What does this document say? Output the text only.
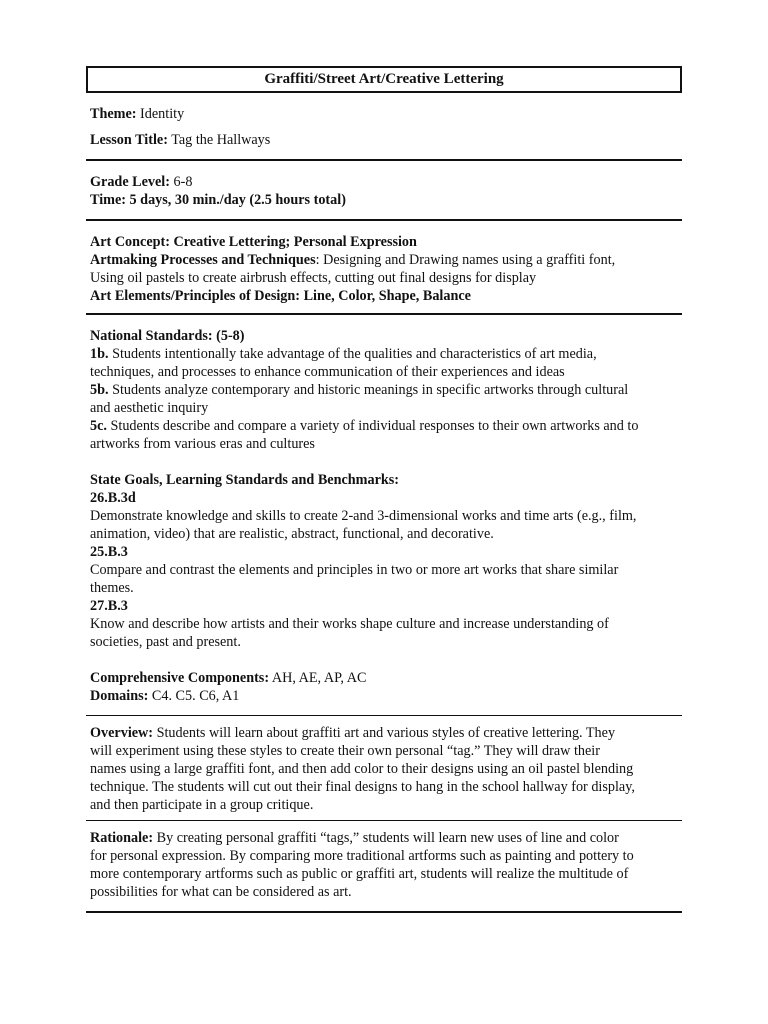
Graffiti/Street Art/Creative Lettering
Theme: Identity
Lesson Title: Tag the Hallways
Grade Level: 6-8
Time: 5 days, 30 min./day (2.5 hours total)
Art Concept: Creative Lettering; Personal Expression
Artmaking Processes and Techniques: Designing and Drawing names using a graffiti font,
Using oil pastels to create airbrush effects, cutting out final designs for display
Art Elements/Principles of Design: Line, Color, Shape, Balance
National Standards: (5-8)
1b. Students intentionally take advantage of the qualities and characteristics of art media,
techniques, and processes to enhance communication of their experiences and ideas
5b. Students analyze contemporary and historic meanings in specific artworks through cultural
and aesthetic inquiry
5c. Students describe and compare a variety of individual responses to their own artworks and to
artworks from various eras and cultures
State Goals, Learning Standards and Benchmarks:
26.B.3d
Demonstrate knowledge and skills to create 2-and 3-dimensional works and time arts (e.g., film,
animation, video) that are realistic, abstract, functional, and decorative.
25.B.3
Compare and contrast the elements and principles in two or more art works that share similar
themes.
27.B.3
Know and describe how artists and their works shape culture and increase understanding of
societies, past and present.
Comprehensive Components: AH, AE, AP, AC
Domains: C4. C5. C6, A1
Overview: Students will learn about graffiti art and various styles of creative lettering. They
will experiment using these styles to create their own personal “tag.” They will draw their
names using a large graffiti font, and then add color to their designs using an oil pastel blending
technique. The students will cut out their final designs to hang in the school hallway for display,
and then participate in a group critique.
Rationale: By creating personal graffiti “tags,” students will learn new uses of line and color
for personal expression. By comparing more traditional artforms such as painting and pottery to
more contemporary artforms such as public or graffiti art, students will realize the multitude of
possibilities for what can be considered as art.
